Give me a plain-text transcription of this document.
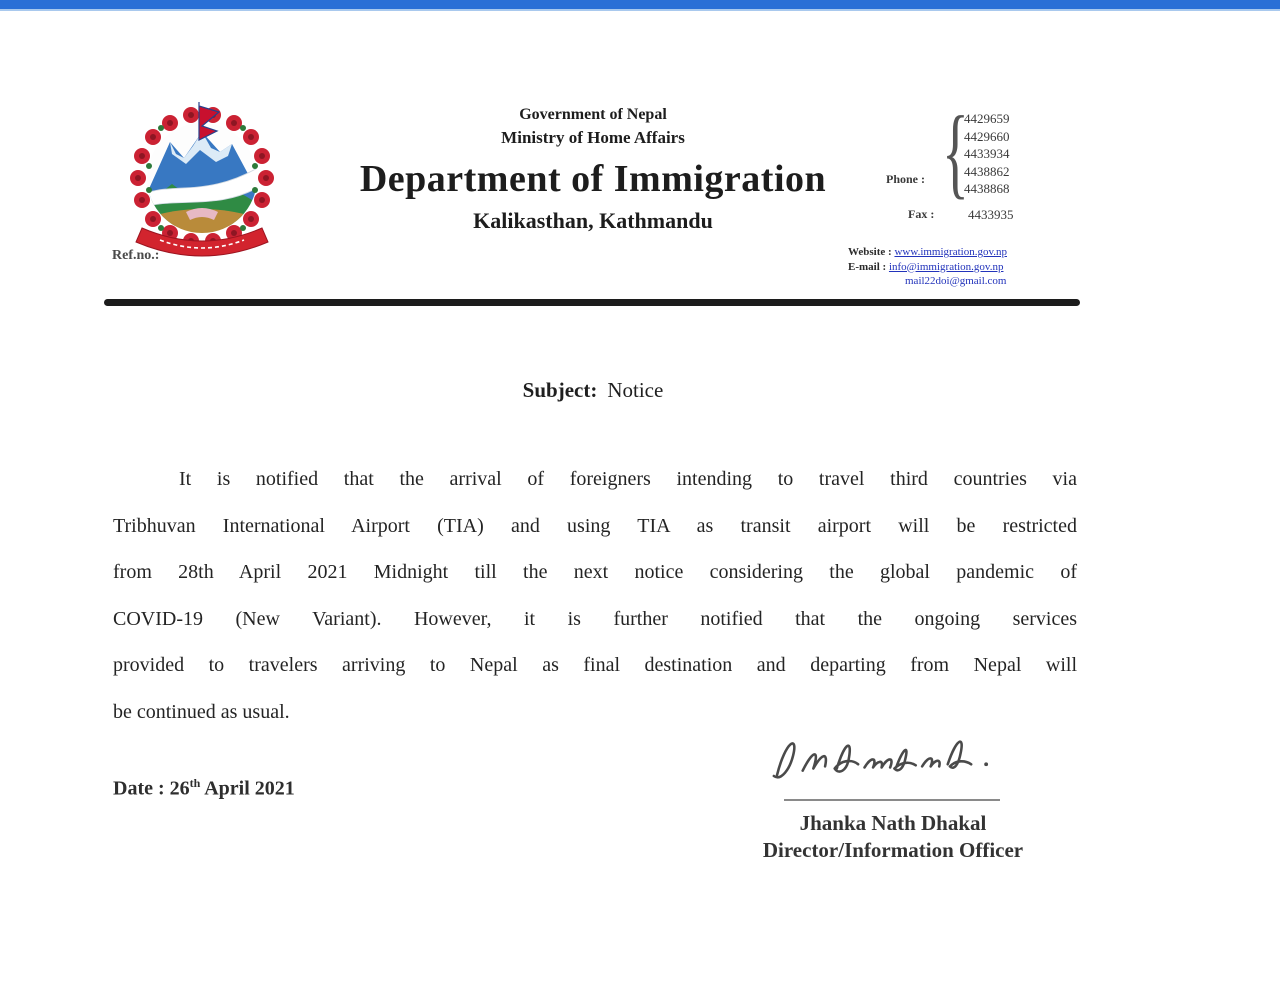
Ref.no.:
Government of Nepal
Ministry of Home Affairs
Department of Immigration
Kalikasthan, Kathmandu
Phone : {
4429659
4429660
4433934
4438862
4438868
Fax :	4433935
Website : www.immigration.gov.np
E-mail : info@immigration.gov.np
mail22doi@gmail.com
Subject: Notice
It is notified that the arrival of foreigners intending to travel third countries via
Tribhuvan International Airport (TIA) and using TIA as transit airport will be restricted
from 28th April 2021 Midnight till the next notice considering the global pandemic of
COVID-19 (New Variant). However, it is further notified that the ongoing services
provided to travelers arriving to Nepal as final destination and departing from Nepal will
be continued as usual.
Date : 26th April 2021
Jhanka Nath Dhakal
Director/Information Officer
